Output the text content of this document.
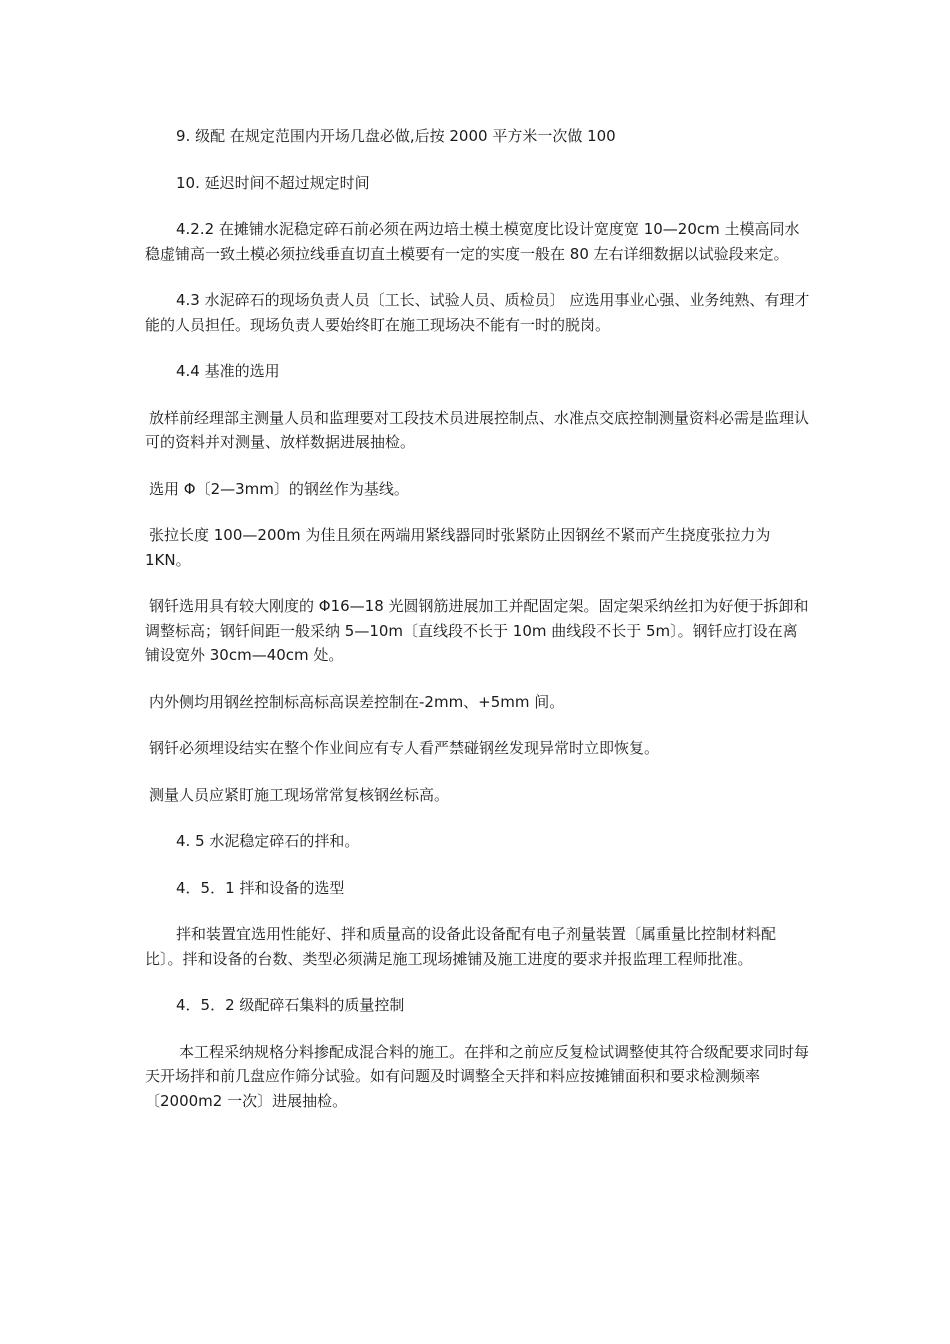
9. 级配 在规定范围内开场几盘必做,后按 2000 平方米一次做 100

10. 延迟时间不超过规定时间

4.2.2 在摊铺水泥稳定碎石前必须在两边培土模土模宽度比设计宽度宽 10—20cm 土模高同水稳虚铺高一致土模必须拉线垂直切直土模要有一定的实度一般在 80 左右详细数据以试验段来定。

4.3 水泥碎石的现场负责人员〔工长、试验人员、质检员〕 应选用事业心强、业务纯熟、有理才能的人员担任。现场负责人要始终盯在施工现场决不能有一时的脱岗。

4.4 基准的选用

放样前经理部主测量人员和监理要对工段技术员进展控制点、水准点交底控制测量资料必需是监理认可的资料并对测量、放样数据进展抽检。

选用 Φ〔2—3mm〕的钢丝作为基线。

张拉长度 100—200m 为佳且须在两端用紧线器同时张紧防止因钢丝不紧而产生挠度张拉力为 1KN。

钢钎选用具有较大刚度的 Φ16—18 光圆钢筋进展加工并配固定架。固定架采纳丝扣为好便于拆卸和调整标高；钢钎间距一般采纳 5—10m〔直线段不长于 10m 曲线段不长于 5m〕。钢钎应打设在离铺设宽外 30cm—40cm 处。

内外侧均用钢丝控制标高标高误差控制在-2mm、+5mm 间。

钢钎必须埋设结实在整个作业间应有专人看严禁碰钢丝发现异常时立即恢复。

测量人员应紧盯施工现场常常复核钢丝标高。

4. 5 水泥稳定碎石的拌和。

4．5．1 拌和设备的选型

拌和装置宜选用性能好、拌和质量高的设备此设备配有电子剂量装置〔属重量比控制材料配比〕。拌和设备的台数、类型必须满足施工现场摊铺及施工进度的要求并报监理工程师批准。

4．5．2 级配碎石集料的质量控制

本工程采纳规格分料掺配成混合料的施工。在拌和之前应反复检试调整使其符合级配要求同时每天开场拌和前几盘应作筛分试验。如有问题及时调整全天拌和料应按摊铺面积和要求检测频率〔2000m2 一次〕进展抽检。
